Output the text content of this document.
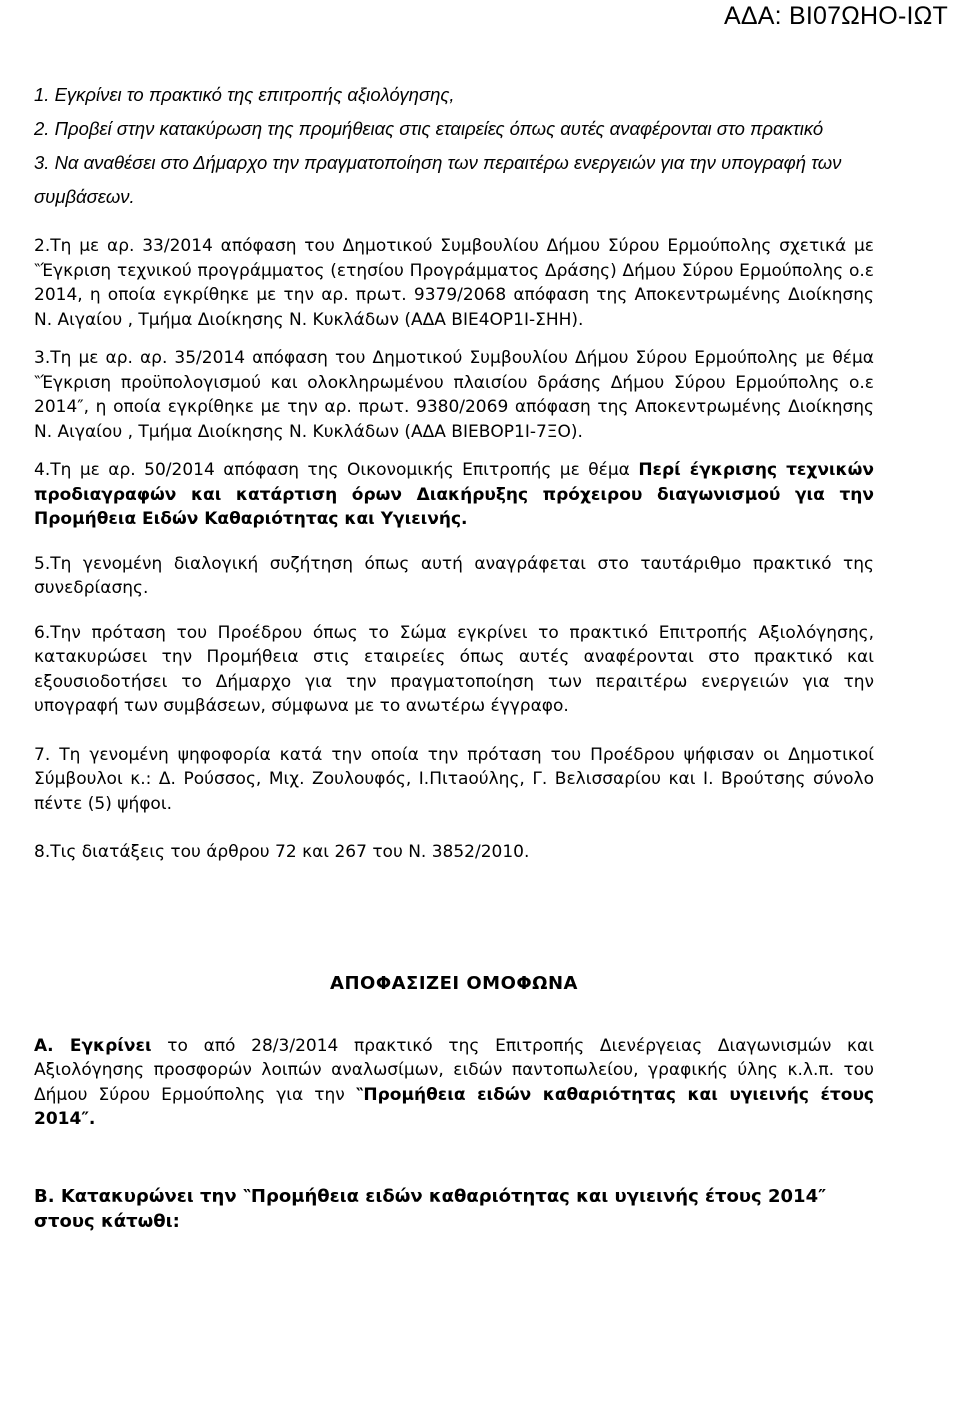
ΑΔΑ: ΒΙ07ΩΗΟ-ΙΩΤ
1. Εγκρίνει το πρακτικό της επιτροπής αξιολόγησης,
2. Προβεί στην κατακύρωση της προμήθειας στις εταιρείες όπως αυτές αναφέρονται στο πρακτικό
3. Να αναθέσει στο Δήμαρχο την πραγματοποίηση των περαιτέρω ενεργειών για την υπογραφή των συμβάσεων.

2.Τη με αρ. 33/2014 απόφαση του Δημοτικού Συμβουλίου Δήμου Σύρου Ερμούπολης σχετικά με ‶Έγκριση τεχνικού προγράμματος (ετησίου Προγράμματος Δράσης) Δήμου Σύρου Ερμούπολης ο.ε 2014, η οποία εγκρίθηκε με την αρ. πρωτ. 9379/2068 απόφαση της Αποκεντρωμένης Διοίκησης Ν. Αιγαίου , Τμήμα Διοίκησης Ν. Κυκλάδων (ΑΔΑ ΒΙΕ4ΟΡ1Ι-ΣΗΗ).

3.Τη με αρ. αρ. 35/2014 απόφαση του Δημοτικού Συμβουλίου Δήμου Σύρου Ερμούπολης με θέμα ‶Έγκριση προϋπολογισμού και ολοκληρωμένου πλαισίου δράσης Δήμου Σύρου Ερμούπολης ο.ε 2014″, η οποία εγκρίθηκε με την αρ. πρωτ. 9380/2069 απόφαση της Αποκεντρωμένης Διοίκησης Ν. Αιγαίου , Τμήμα Διοίκησης Ν. Κυκλάδων (ΑΔΑ ΒΙΕΒΟΡ1Ι-7ΞΟ).

4.Τη με αρ. 50/2014 απόφαση της Οικονομικής Επιτροπής με θέμα Περί έγκρισης τεχνικών προδιαγραφών και κατάρτιση όρων Διακήρυξης πρόχειρου διαγωνισμού για την Προμήθεια Ειδών Καθαριότητας και Υγιεινής.

5.Τη γενομένη διαλογική συζήτηση όπως αυτή αναγράφεται στο ταυτάριθμο πρακτικό της συνεδρίασης.

6.Την πρόταση του Προέδρου όπως το Σώμα εγκρίνει το πρακτικό Επιτροπής Αξιολόγησης, κατακυρώσει την Προμήθεια στις εταιρείες όπως αυτές αναφέρονται στο πρακτικό και εξουσιοδοτήσει το Δήμαρχο για την πραγματοποίηση των περαιτέρω ενεργειών για την υπογραφή των συμβάσεων, σύμφωνα με το ανωτέρω έγγραφο.

7. Τη γενομένη ψηφοφορία κατά την οποία την πρόταση του Προέδρου ψήφισαν οι Δημοτικοί Σύμβουλοι κ.: Δ. Ρούσσος, Μιχ. Ζουλουφός, Ι.Πιτaούλης, Γ. Βελισσαρίου και Ι. Βρούτσης σύνολο πέντε (5) ψήφοι.

8.Τις διατάξεις του άρθρου 72 και 267 του Ν. 3852/2010.

ΑΠΟΦΑΣΙΖΕΙ ΟΜΟΦΩΝΑ

Α. Εγκρίνει το από 28/3/2014 πρακτικό της Επιτροπής Διενέργειας Διαγωνισμών και Αξιολόγησης προσφορών λοιπών αναλωσίμων, ειδών παντοπωλείου, γραφικής ύλης κ.λ.π. του Δήμου Σύρου Ερμούπολης για την ‶Προμήθεια ειδών καθαριότητας και υγιεινής έτους 2014″.

Β. Κατακυρώνει την ‶Προμήθεια ειδών καθαριότητας και υγιεινής έτους 2014″ στους κάτωθι:
